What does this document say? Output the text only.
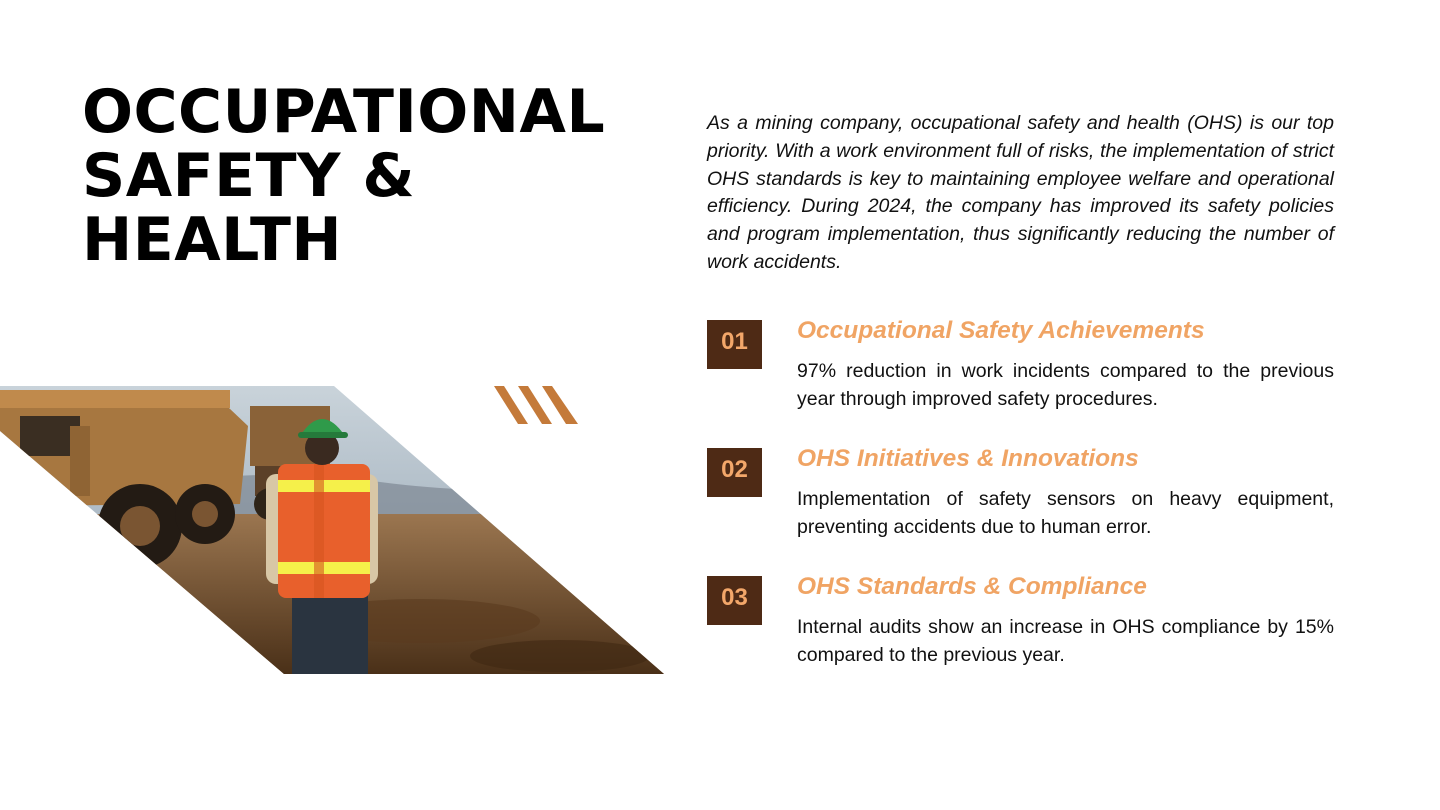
OCCUPATIONAL
SAFETY &
HEALTH

As a mining company, occupational safety and health (OHS) is our top priority. With a work environment full of risks, the implementation of strict OHS standards is key to maintaining employee welfare and operational efficiency. During 2024, the company has improved its safety policies and program implementation, thus significantly reducing the number of work accidents.

01	Occupational Safety Achievements

97% reduction in work incidents compared to the previous year through improved safety procedures.

02	OHS Initiatives & Innovations

Implementation of safety sensors on heavy equipment, preventing accidents due to human error.

03	OHS Standards & Compliance

Internal audits show an increase in OHS compliance by 15% compared to the previous year.
